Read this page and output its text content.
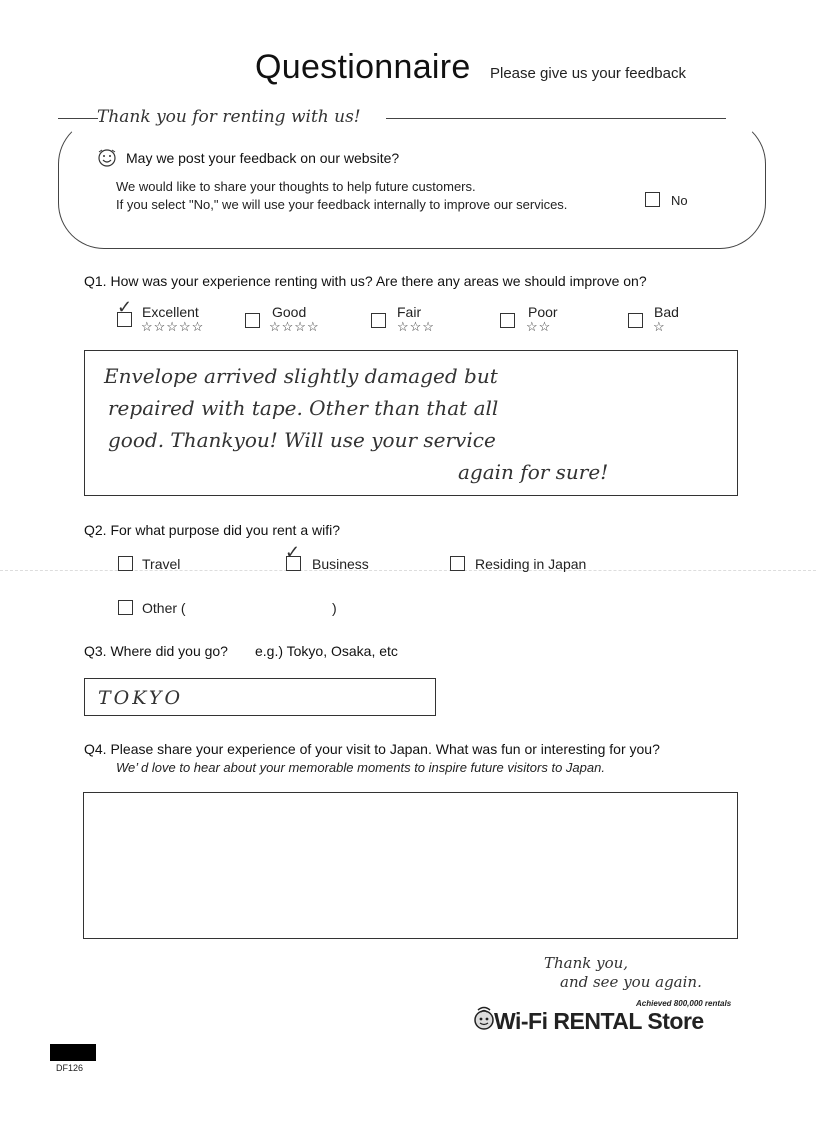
Questionnaire Please give us your feedback
Thank you for renting with us!
May we post your feedback on our website?
We would like to share your thoughts to help future customers.
If you select "No," we will use your feedback internally to improve our services.	No
Q1. How was your experience renting with us? Are there any areas we should improve on?
✓ Excellent
☆☆☆☆☆
Good
☆☆☆☆
Fair
☆☆☆
Poor
☆☆
Bad
☆
Envelope arrived slightly damaged but
repaired with tape. Other than that all
good. Thankyou! Will use your service
again for sure!
Q2. For what purpose did you rent a wifi?
Travel
✓
Business	Residing in Japan
Other (	)
Q3. Where did you go? e.g.) Tokyo, Osaka, etc
TOKYO
Q4. Please share your experience of your visit to Japan. What was fun or interesting for you?
We’ d love to hear about your memorable moments to inspire future visitors to Japan.
Thank you,
and see you again.
Achieved 800,000 rentals
Wi-Fi RENTAL Store
DF126
